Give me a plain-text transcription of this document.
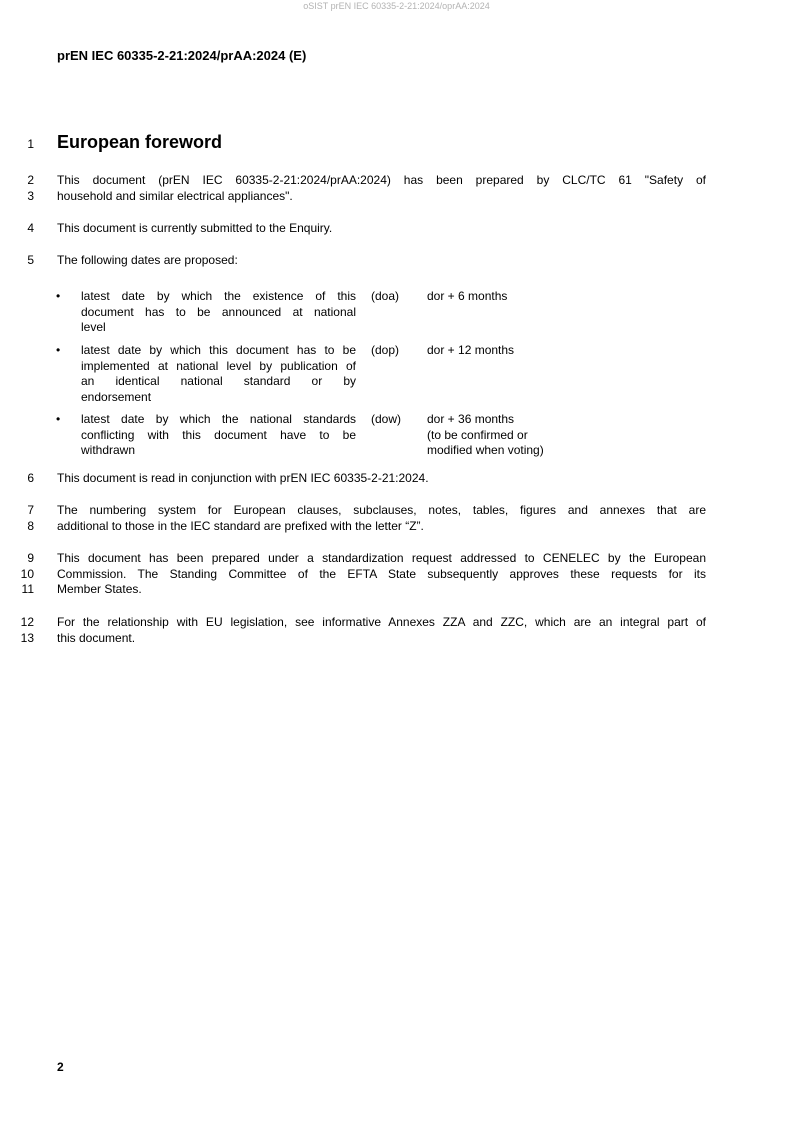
oSIST prEN IEC 60335-2-21:2024/oprAA:2024
prEN IEC 60335-2-21:2024/prAA:2024 (E)
1 European foreword
2 This document (prEN IEC 60335-2-21:2024/prAA:2024) has been prepared by CLC/TC 61 "Safety of
3 household and similar electrical appliances".
4 This document is currently submitted to the Enquiry.
5 The following dates are proposed:
• latest date by which the existence of this
document has to be announced at national
level
(doa) dor + 6 months
• latest date by which this document has to be
implemented at national level by publication of
an identical national standard or by
endorsement
(dop) dor + 12 months
• latest date by which the national standards
conflicting with this document have to be
withdrawn
(dow) dor + 36 months
(to be confirmed or
modified when voting)
6 This document is read in conjunction with prEN IEC 60335-2-21:2024.
7 The numbering system for European clauses, subclauses, notes, tables, figures and annexes that are
8 additional to those in the IEC standard are prefixed with the letter “Z”.
9 This document has been prepared under a standardization request addressed to CENELEC by the European
10 Commission. The Standing Committee of the EFTA State subsequently approves these requests for its
11 Member States.
12 For the relationship with EU legislation, see informative Annexes ZZA and ZZC, which are an integral part of
13 this document.
2
